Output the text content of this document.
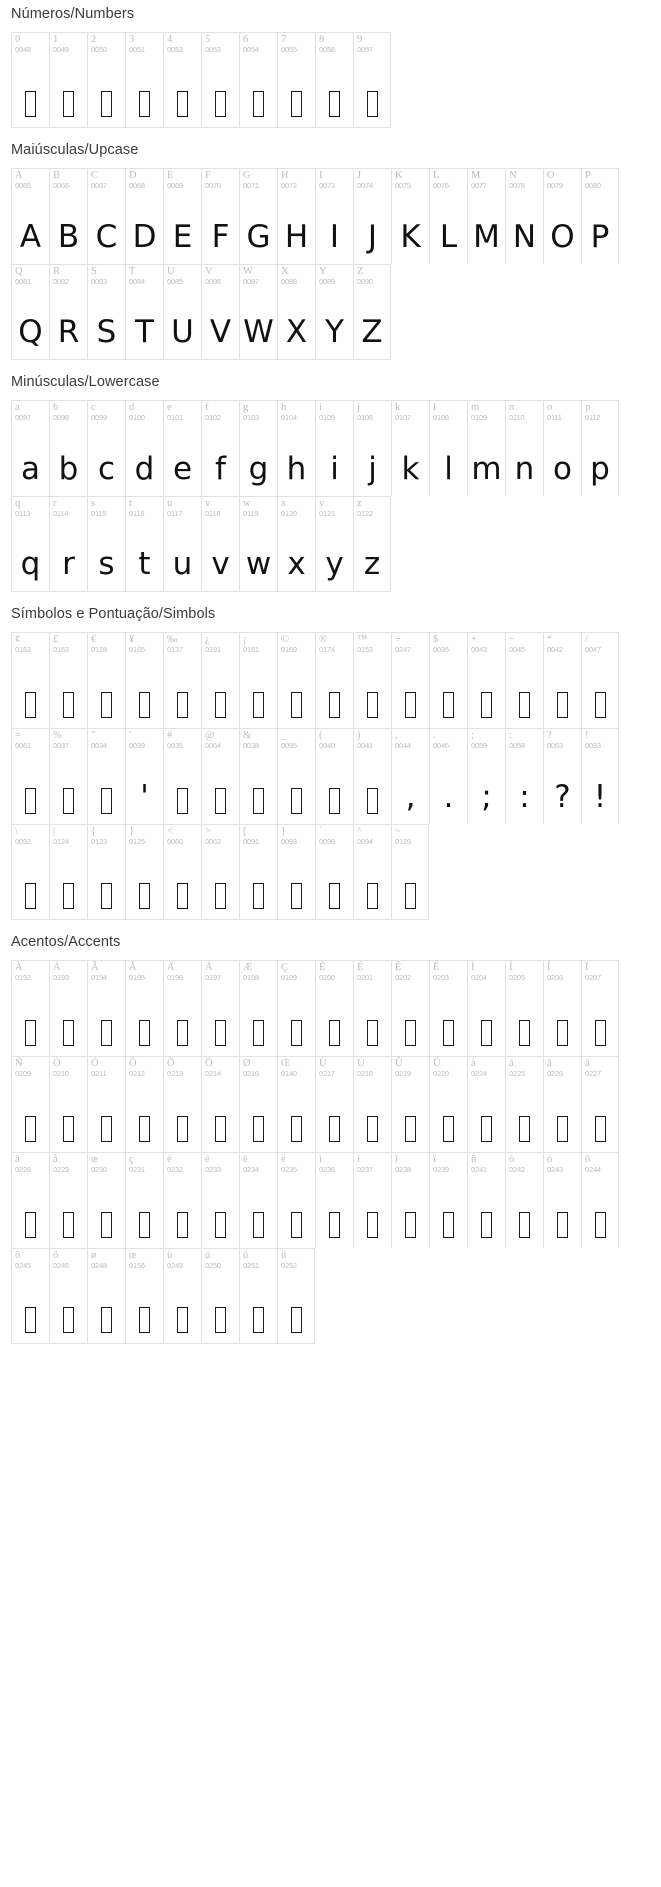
Números/Numbers
0
0048
1
0049
2
0050
3
0051
4
0052
5
0053
6
0054
7
0055
8
0056
9
0057
Maiúsculas/Upcase
A
0065
A
B
0066
B
C
0067
C
D
0068
D
E
0069
E
F
0070
F
G
0071
G
H
0072
H
I
0073
I
J
0074
J
K
0075
K
L
0076
L
M
0077
M
N
0078
N
O
0079
O
P
0080
P
Q
0081
Q
R
0082
R
S
0083
S
T
0084
T
U
0085
U
V
0086
V
W
0087
W
X
0088
X
Y
0089
Y
Z
0090
Z
Minúsculas/Lowercase
a
0097
a
b
0098
b
c
0099
c
d
0100
d
e
0101
e
f
0102
f
g
0103
g
h
0104
h
i
0105
i
j
0106
j
k
0107
k
l
0108
l
m
0109
m
n
0110
n
o
0111
o
p
0112
p
q
0113
q
r
0114
r
s
0115
s
t
0116
t
u
0117
u
v
0118
v
w
0119
w
x
0120
x
y
0121
y
z
0122
z
Símbolos e Pontuação/Simbols
¢
0162
£
0163
€
0128
¥
0165
‰
0137
¿
0191
¡
0161
©
0169
®
0174
™
0153
÷
0247
$
0036
+
0043
−
0045
*
0042
/
0047
=
0061
%
0037
"
0034
'
0039
'
#
0035
@
0064
&
0038
_
0095
(
0040
)
0041
,
0044
,
.
0046
.
;
0059
;
:
0058
:
?
0063
?
!
0033
!
\
0092
|
0124
{
0123
}
0125
<
0060
>
0062
[
0091
]
0093
`
0096
^
0094
~
0126
Acentos/Accents
À
0192
Á
0193
Â
0194
Ã
0195
Ä
0196
Å
0197
Æ
0198
Ç
0199
È
0200
É
0201
Ê
0202
Ë
0203
Ì
0204
Í
0205
Î
0206
Ï
0207
Ñ
0209
Ò
0210
Ó
0211
Ô
0212
Õ
0213
Ö
0214
Ø
0216
Œ
0140
Ù
0217
Ú
0218
Û
0219
Ü
0220
à
0224
á
0225
â
0226
ã
0227
ä
0228
å
0229
æ
0230
ç
0231
è
0232
é
0233
ê
0234
ë
0235
ì
0236
í
0237
î
0238
ï
0239
ñ
0241
ò
0242
ó
0243
ô
0244
õ
0245
ö
0246
ø
0248
œ
0156
ù
0249
ú
0250
û
0251
ü
0252
